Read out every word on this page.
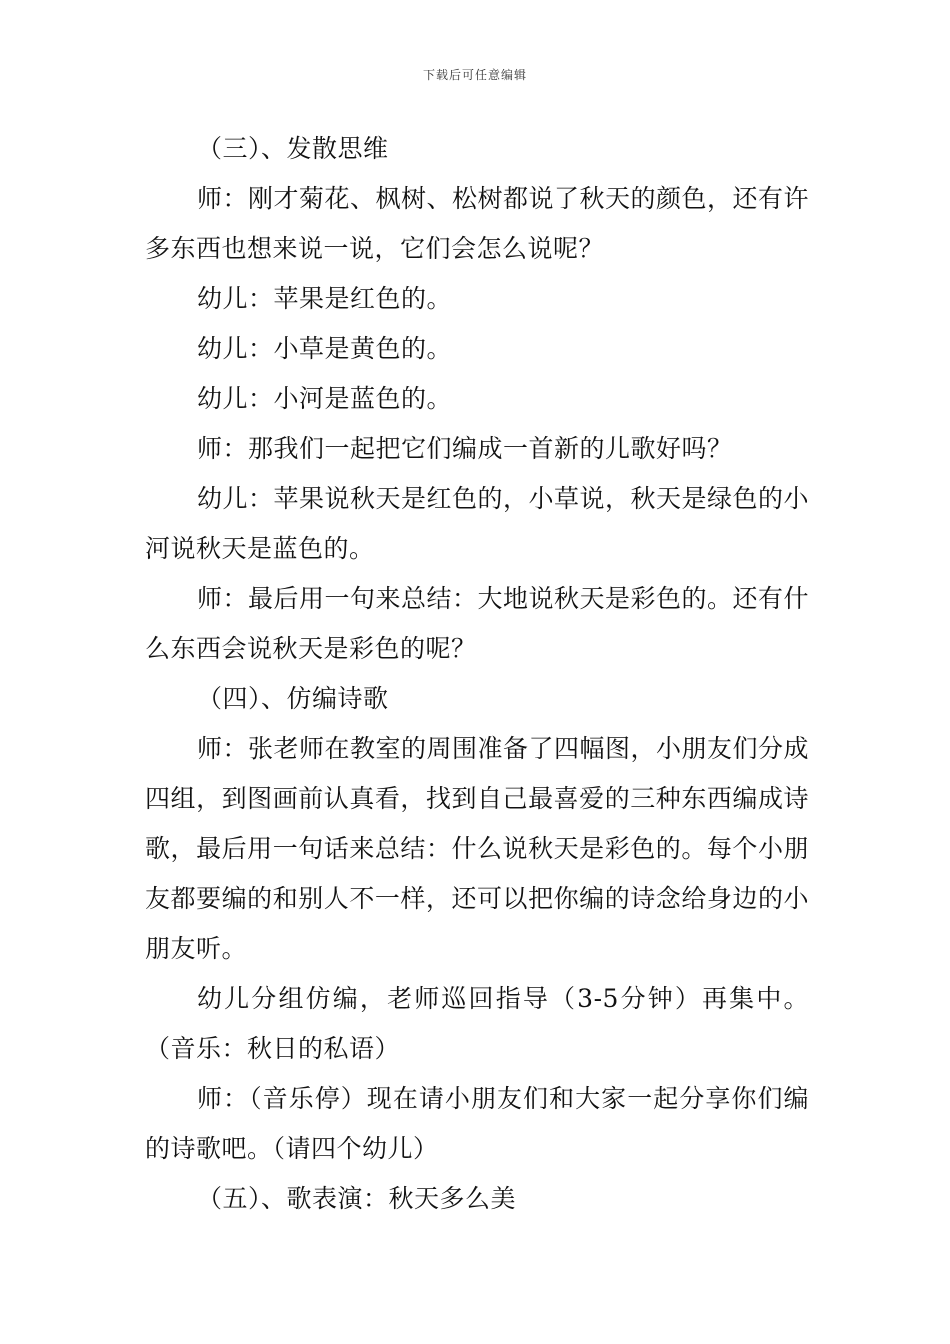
下载后可任意编辑

（三）、发散思维

师：刚才菊花、枫树、松树都说了秋天的颜色，还有许多东西也想来说一说，它们会怎么说呢？

幼儿：苹果是红色的。

幼儿：小草是黄色的。

幼儿：小河是蓝色的。

师：那我们一起把它们编成一首新的儿歌好吗？

幼儿：苹果说秋天是红色的，小草说，秋天是绿色的小河说秋天是蓝色的。

师：最后用一句来总结：大地说秋天是彩色的。还有什么东西会说秋天是彩色的呢？

（四）、仿编诗歌

师：张老师在教室的周围准备了四幅图，小朋友们分成四组，到图画前认真看，找到自己最喜爱的三种东西编成诗歌，最后用一句话来总结：什么说秋天是彩色的。每个小朋友都要编的和别人不一样，还可以把你编的诗念给身边的小朋友听。

幼儿分组仿编，老师巡回指导（3-5分钟）再集中。（音乐：秋日的私语）

师：（音乐停）现在请小朋友们和大家一起分享你们编的诗歌吧。（请四个幼儿）

（五）、歌表演：秋天多么美
